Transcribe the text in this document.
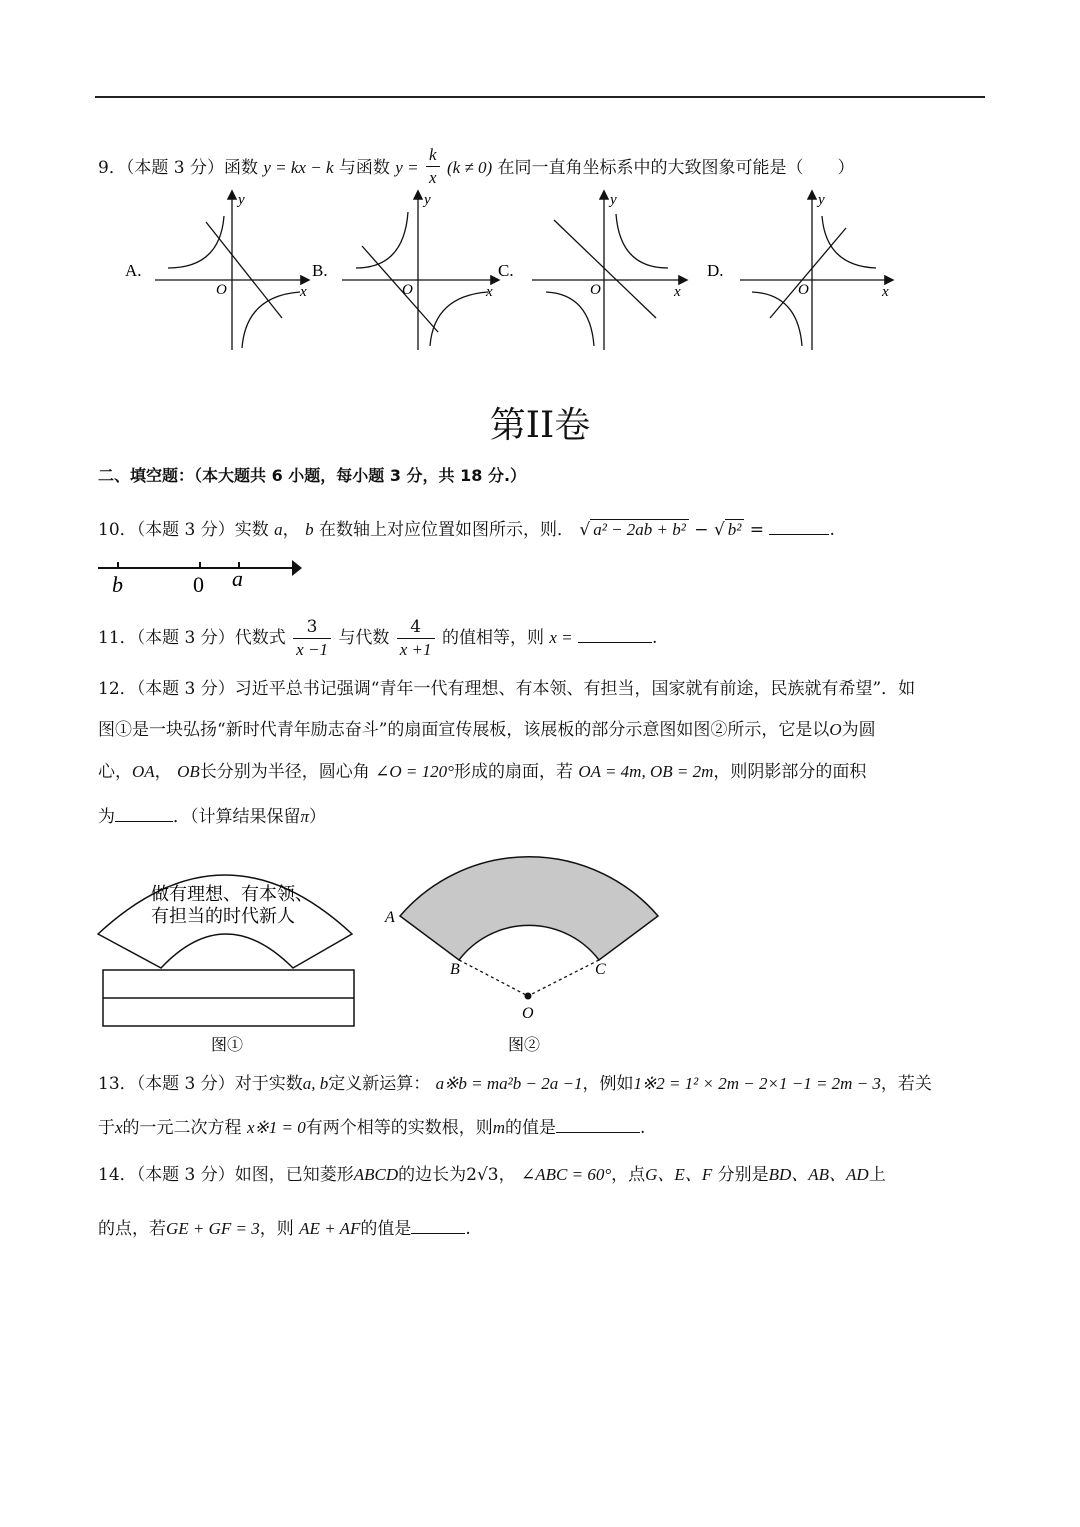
9．（本题 3 分）函数 y = kx − k 与函数 $y = \frac{k}{x} (k \ne 0)$ 在同一直角坐标系中的大致图象可能是（　　）
A.
O	x
y
B.
O	x
y
C.
O	x
y
D.
O	x
y
第II卷
二、填空题：（本大题共 6 小题，每小题 3 分，共 18 分.）
10．（本题 3 分）实数 a， b 在数轴上对应位置如图所示，则． √ a² − 2ab + b² − √ b² =	.
b	0 a
11．（本题 3 分）代数式 $\frac{3}{x -1}$ 与代数 $\frac{4}{x +1}$ 的值相等，则 x =	.
12．（本题 3 分）习近平总书记强调“青年一代有理想、有本领、有担当，国家就有前途，民族就有希望”．如
图①是一块弘扬“新时代青年励志奋斗”的扇面宣传展板，该展板的部分示意图如图②所示，它是以O为圆
心，OA， OB长分别为半径，圆心角 ∠O = 120°形成的扇面，若 OA = 4m, OB = 2m，则阴影部分的面积
为	．（计算结果保留π）
做有理想、有本领、
有担当的时代新人
图①
A
B	C
O
图②
13．（本题 3 分）对于实数a, b定义新运算： a※b = ma²b − 2a −1，例如1※2 = 1² × 2m − 2×1 −1 = 2m − 3，若关
于x的一元二次方程 x※1 = 0有两个相等的实数根，则m的值是	.
14．（本题 3 分）如图，已知菱形ABCD的边长为2√3， ∠ABC = 60°，点G、E、F 分别是BD、AB、AD上
的点，若GE + GF = 3，则 AE + AF的值是	.
